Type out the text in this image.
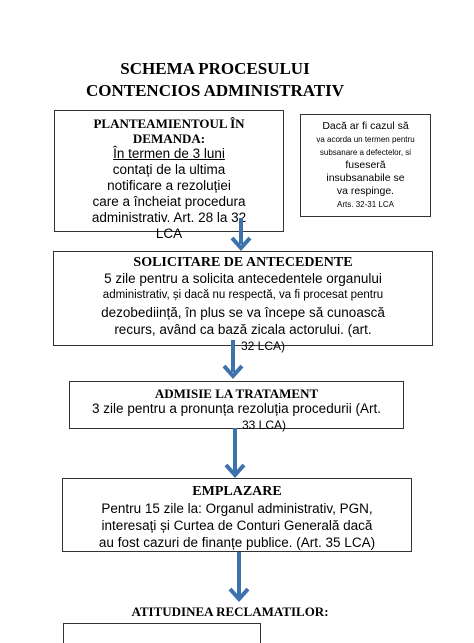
SCHEMA PROCESULUI

CONTENCIOS ADMINISTRATIV

PLANTEAMIENTOUL ÎN

DEMANDA:

În termen de 3 luni

contați de la ultima

notificare a rezoluției

care a încheiat procedura

administrativ. Art. 28 la 32

LCA

Dacă ar fi cazul să

va acorda un termen pentru

subsanare a defectelor, si

fuseseră

insubsanabile se

va respinge.

Arts. 32-31 LCA

SOLICITARE DE ANTECEDENTE

5 zile pentru a solicita antecedentele organului

administrativ, și dacă nu respectă, va fi procesat pentru

dezobediință, în plus se va începe să cunoască

recurs, având ca bază zicala actorului. (art.

32 LCA)

ADMISIE LA TRATAMENT

3 zile pentru a pronunța rezoluția procedurii (Art.

33 LCA)

EMPLAZARE

Pentru 15 zile la: Organul administrativ, PGN,

interesați și Curtea de Conturi Generală dacă

au fost cazuri de finanțe publice. (Art. 35 LCA)

ATITUDINEA RECLAMATILOR:
